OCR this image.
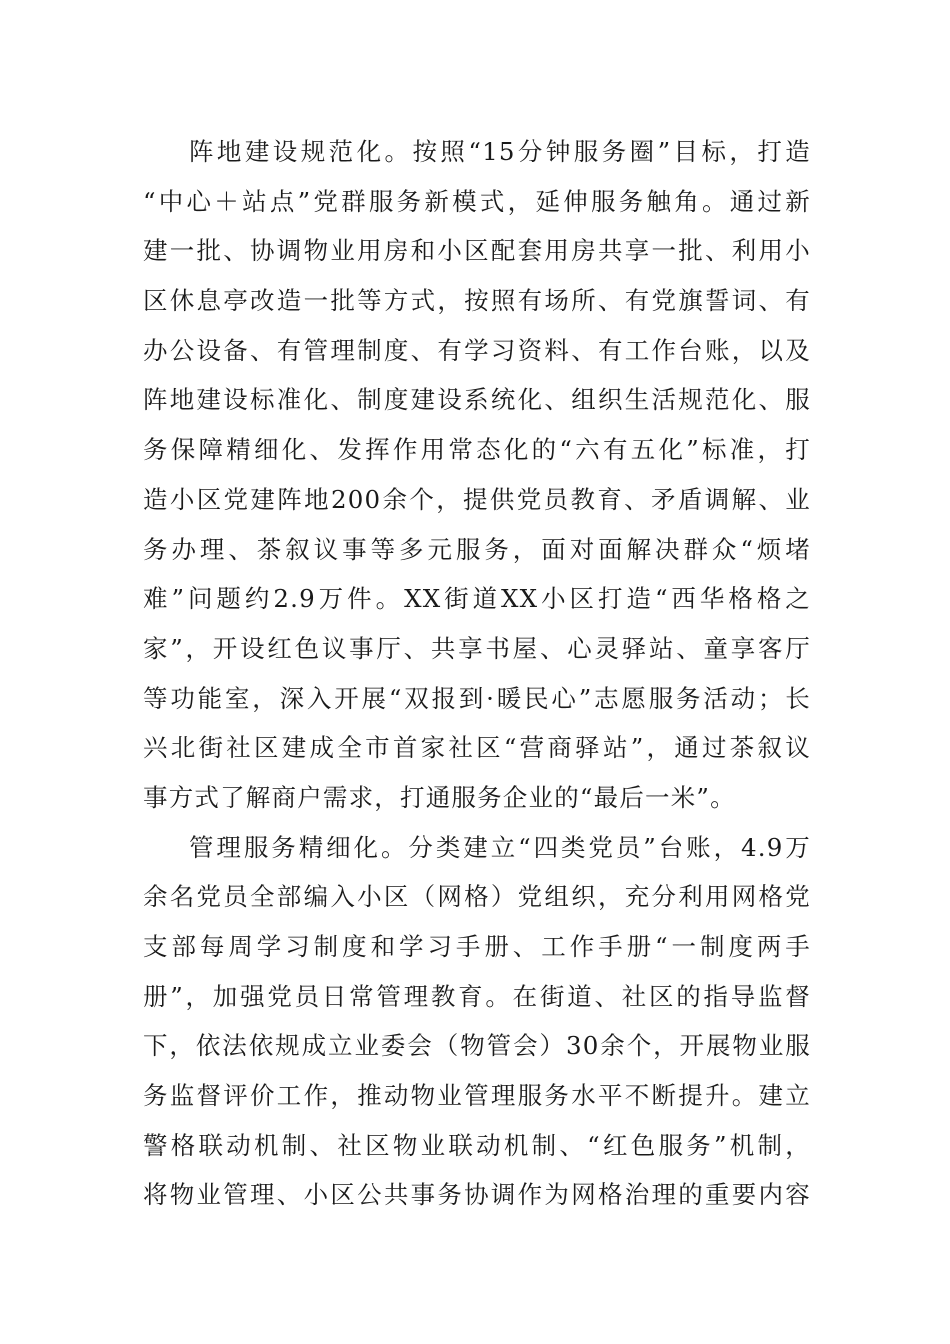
阵地建设规范化。按照“15分钟服务圈”目标，打造
“中心＋站点”党群服务新模式，延伸服务触角。通过新
建一批、协调物业用房和小区配套用房共享一批、利用小
区休息亭改造一批等方式，按照有场所、有党旗誓词、有
办公设备、有管理制度、有学习资料、有工作台账，以及
阵地建设标准化、制度建设系统化、组织生活规范化、服
务保障精细化、发挥作用常态化的“六有五化”标准，打
造小区党建阵地200余个，提供党员教育、矛盾调解、业
务办理、茶叙议事等多元服务，面对面解决群众“烦堵
难”问题约2.9万件。XX街道XX小区打造“西华格格之
家”，开设红色议事厅、共享书屋、心灵驿站、童享客厅
等功能室，深入开展“双报到·暖民心”志愿服务活动；长
兴北街社区建成全市首家社区“营商驿站”，通过茶叙议
事方式了解商户需求，打通服务企业的“最后一米”。
管理服务精细化。分类建立“四类党员”台账，4.9万
余名党员全部编入小区（网格）党组织，充分利用网格党
支部每周学习制度和学习手册、工作手册“一制度两手
册”，加强党员日常管理教育。在街道、社区的指导监督
下，依法依规成立业委会（物管会）30余个，开展物业服
务监督评价工作，推动物业管理服务水平不断提升。建立
警格联动机制、社区物业联动机制、“红色服务”机制，
将物业管理、小区公共事务协调作为网格治理的重要内容
